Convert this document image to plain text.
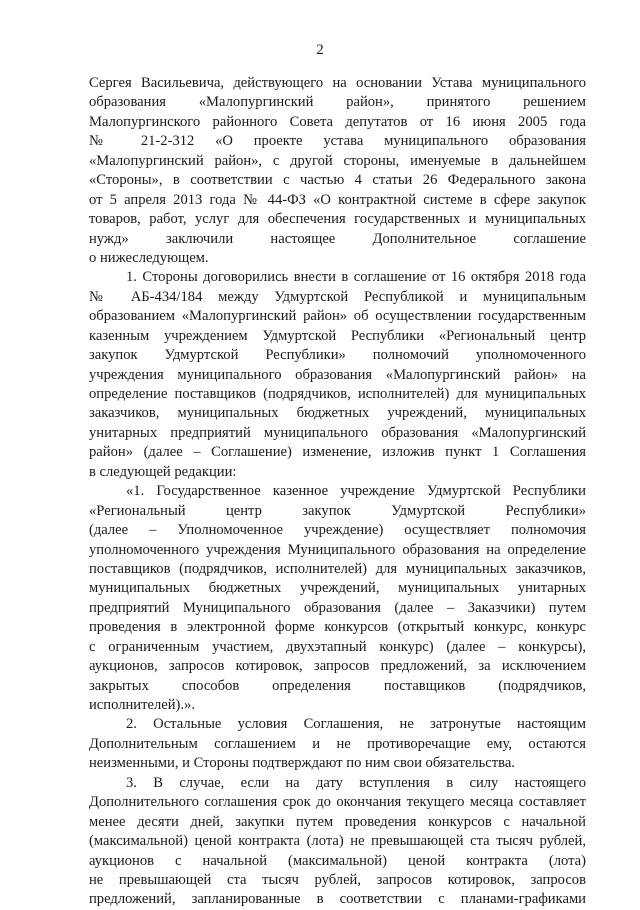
2
Сергея Васильевича, действующего на основании Устава муниципального
образования «Малопургинский район», принятого решением
Малопургинского районного Совета депутатов от 16 июня 2005 года
№ 21-2-312 «О проекте устава муниципального образования
«Малопургинский район», с другой стороны, именуемые в дальнейшем
«Стороны», в соответствии с частью 4 статьи 26 Федерального закона
от 5 апреля 2013 года № 44-ФЗ «О контрактной системе в сфере закупок
товаров, работ, услуг для обеспечения государственных и муниципальных
нужд» заключили настоящее Дополнительное соглашение
о нижеследующем.
1. Стороны договорились внести в соглашение от 16 октября 2018 года
№ АБ-434/184 между Удмуртской Республикой и муниципальным
образованием «Малопургинский район» об осуществлении государственным
казенным учреждением Удмуртской Республики «Региональный центр
закупок Удмуртской Республики» полномочий уполномоченного
учреждения муниципального образования «Малопургинский район» на
определение поставщиков (подрядчиков, исполнителей) для муниципальных
заказчиков, муниципальных бюджетных учреждений, муниципальных
унитарных предприятий муниципального образования «Малопургинский
район» (далее – Соглашение) изменение, изложив пункт 1 Соглашения
в следующей редакции:
«1. Государственное казенное учреждение Удмуртской Республики
«Региональный центр закупок Удмуртской Республики»
(далее – Уполномоченное учреждение) осуществляет полномочия
уполномоченного учреждения Муниципального образования на определение
поставщиков (подрядчиков, исполнителей) для муниципальных заказчиков,
муниципальных бюджетных учреждений, муниципальных унитарных
предприятий Муниципального образования (далее – Заказчики) путем
проведения в электронной форме конкурсов (открытый конкурс, конкурс
с ограниченным участием, двухэтапный конкурс) (далее – конкурсы),
аукционов, запросов котировок, запросов предложений, за исключением
закрытых способов определения поставщиков (подрядчиков,
исполнителей).».
2. Остальные условия Соглашения, не затронутые настоящим
Дополнительным соглашением и не противоречащие ему, остаются
неизменными, и Стороны подтверждают по ним свои обязательства.
3. В случае, если на дату вступления в силу настоящего
Дополнительного соглашения срок до окончания текущего месяца составляет
менее десяти дней, закупки путем проведения конкурсов с начальной
(максимальной) ценой контракта (лота) не превышающей ста тысяч рублей,
аукционов с начальной (максимальной) ценой контракта (лота)
не превышающей ста тысяч рублей, запросов котировок, запросов
предложений, запланированные в соответствии с планами-графиками
